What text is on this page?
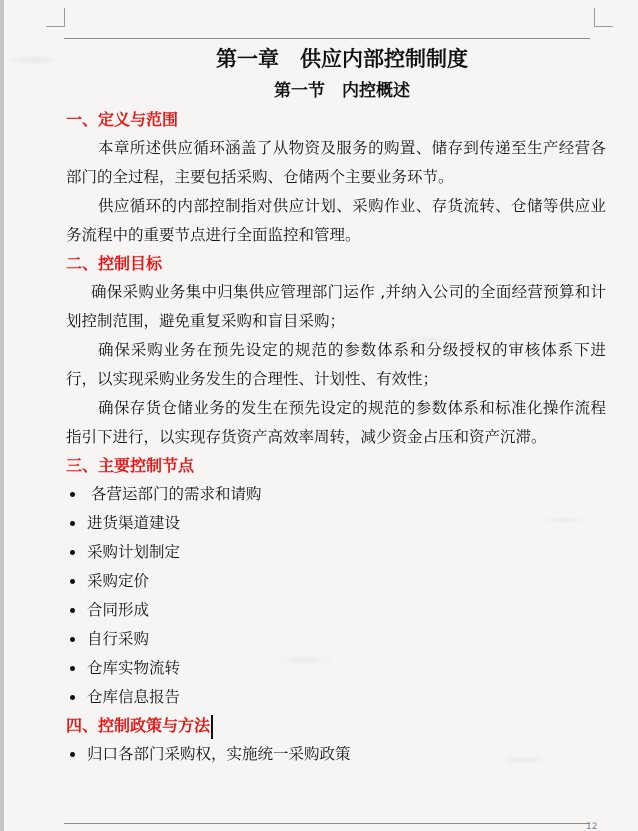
第一章　供应内部控制制度
第一节　内控概述
一、定义与范围

本章所述供应循环涵盖了从物资及服务的购置、储存到传递至生产经营各部门的全过程，主要包括采购、仓储两个主要业务环节。

供应循环的内部控制指对供应计划、采购作业、存货流转、仓储等供应业务流程中的重要节点进行全面监控和管理。

二、控制目标

确保采购业务集中归集供应管理部门运作 ,并纳入公司的全面经营预算和计划控制范围，避免重复采购和盲目采购；

确保采购业务在预先设定的规范的参数体系和分级授权的审核体系下进行，以实现采购业务发生的合理性、计划性、有效性；

确保存货仓储业务的发生在预先设定的规范的参数体系和标准化操作流程指引下进行，以实现存货资产高效率周转，减少资金占压和资产沉滞。

三、主要控制节点
各营运部门的需求和请购
进货渠道建设
采购计划制定
采购定价
合同形成
自行采购
仓库实物流转
仓库信息报告
四、控制政策与方法
归口各部门采购权，实施统一采购政策
12
